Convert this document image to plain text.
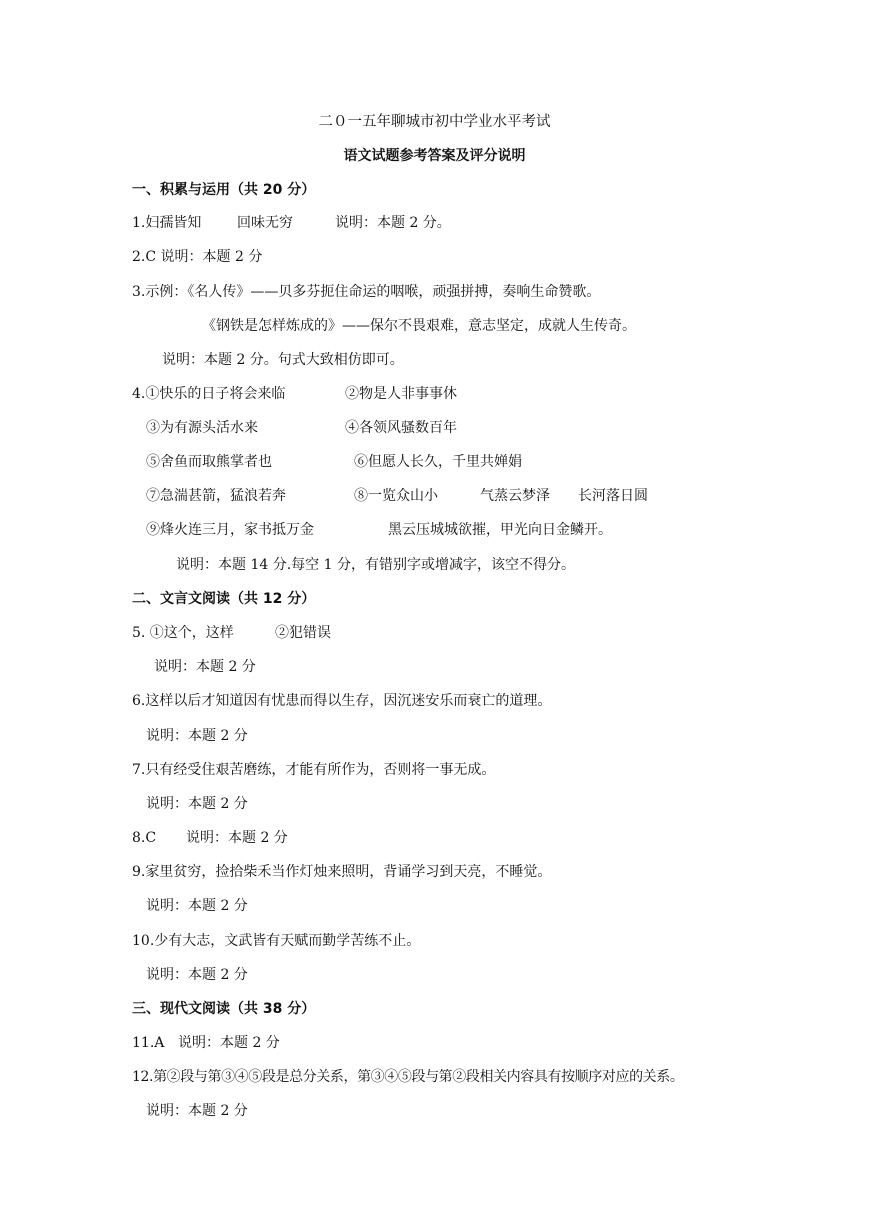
二０一五年聊城市初中学业水平考试
语文试题参考答案及评分说明
一、积累与运用（共 20 分）
1.妇孺皆知	回味无穷	说明：本题 2 分。
2.C 说明：本题 2 分
3.示例：《名人传》——贝多芬扼住命运的咽喉，顽强拼搏，奏响生命赞歌。
《钢铁是怎样炼成的》——保尔不畏艰难，意志坚定，成就人生传奇。
说明：本题 2 分。句式大致相仿即可。
4.①快乐的日子将会来临	②物是人非事事休
③为有源头活水来	④各领风骚数百年
⑤舍鱼而取熊掌者也	⑥但愿人长久，千里共婵娟
⑦急湍甚箭，猛浪若奔	⑧一览众山小	气蒸云梦泽 长河落日圆
⑨烽火连三月，家书抵万金	黑云压城城欲摧，甲光向日金鳞开。
说明：本题 14 分.每空 1 分，有错别字或增减字，该空不得分。
二、文言文阅读（共 12 分）
5. ①这个，这样	②犯错误
说明：本题 2 分
6.这样以后才知道因有忧患而得以生存，因沉迷安乐而衰亡的道理。
说明：本题 2 分
7.只有经受住艰苦磨练，才能有所作为，否则将一事无成。
说明：本题 2 分
8.C 说明：本题 2 分
9.家里贫穷，捡拾柴禾当作灯烛来照明，背诵学习到天亮，不睡觉。
说明：本题 2 分
10.少有大志，文武皆有天赋而勤学苦练不止。
说明：本题 2 分
三、现代文阅读（共 38 分）
11.A 说明：本题 2 分
12.第②段与第③④⑤段是总分关系，第③④⑤段与第②段相关内容具有按顺序对应的关系。
说明：本题 2 分
